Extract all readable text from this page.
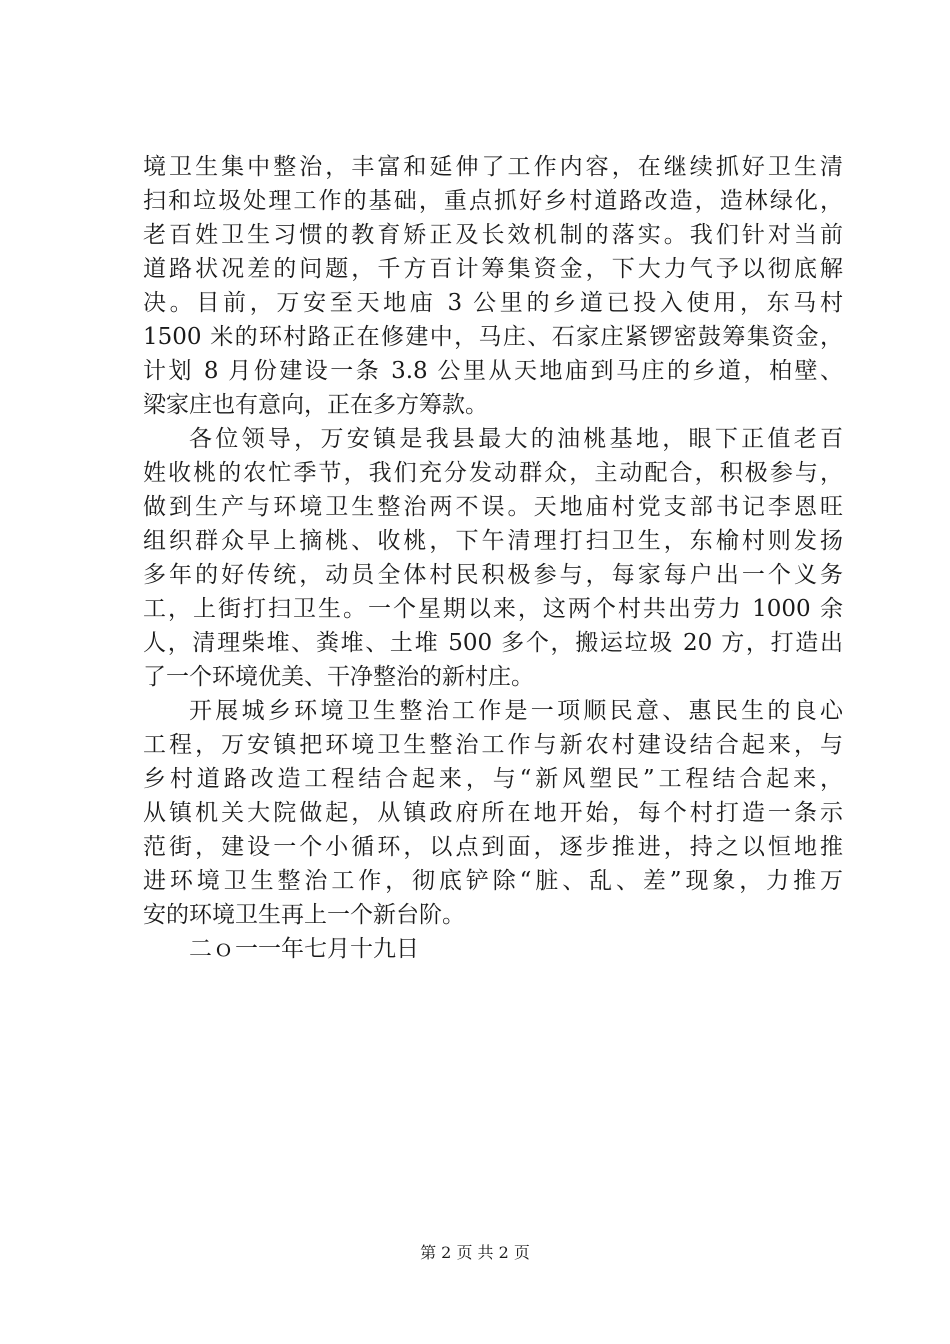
境卫生集中整治，丰富和延伸了工作内容，在继续抓好卫生清
扫和垃圾处理工作的基础，重点抓好乡村道路改造，造林绿化，
老百姓卫生习惯的教育矫正及长效机制的落实。我们针对当前
道路状况差的问题，千方百计筹集资金，下大力气予以彻底解
决。目前，万安至天地庙 3 公里的乡道已投入使用，东马村
1500 米的环村路正在修建中，马庄、石家庄紧锣密鼓筹集资金，
计划 8 月份建设一条 3.8 公里从天地庙到马庄的乡道，柏壁、
梁家庄也有意向，正在多方筹款。
各位领导，万安镇是我县最大的油桃基地，眼下正值老百
姓收桃的农忙季节，我们充分发动群众，主动配合，积极参与，
做到生产与环境卫生整治两不误。天地庙村党支部书记李恩旺
组织群众早上摘桃、收桃，下午清理打扫卫生，东榆村则发扬
多年的好传统，动员全体村民积极参与，每家每户出一个义务
工，上街打扫卫生。一个星期以来，这两个村共出劳力 1000 余
人，清理柴堆、粪堆、土堆 500 多个，搬运垃圾 20 方，打造出
了一个环境优美、干净整治的新村庄。
开展城乡环境卫生整治工作是一项顺民意、惠民生的良心
工程，万安镇把环境卫生整治工作与新农村建设结合起来，与
乡村道路改造工程结合起来，与“新风塑民”工程结合起来，
从镇机关大院做起，从镇政府所在地开始，每个村打造一条示
范街，建设一个小循环，以点到面，逐步推进，持之以恒地推
进环境卫生整治工作，彻底铲除“脏、乱、差”现象，力推万
安的环境卫生再上一个新台阶。
二ｏ一一年七月十九日
第 2 页 共 2 页
